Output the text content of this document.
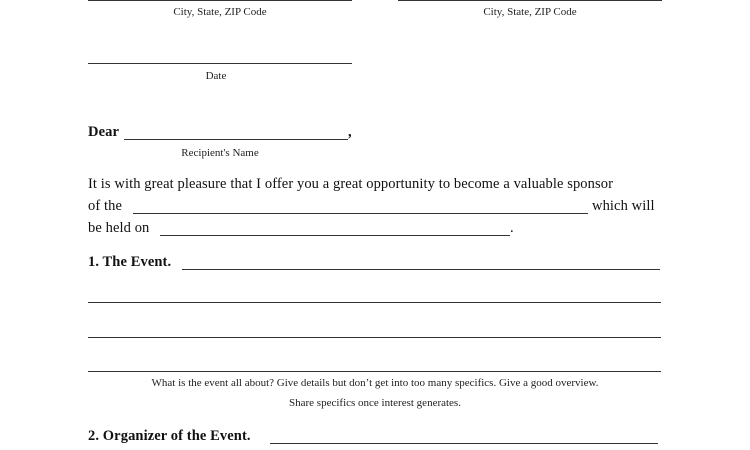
City, State, ZIP Code	City, State, ZIP Code
Date
Dear	,
Recipient's Name
It is with great pleasure that I offer you a great opportunity to become a valuable sponsor
of the	which will
be held on	.
1. The Event.
What is the event all about? Give details but don’t get into too many specifics. Give a good overview.
Share specifics once interest generates.
2. Organizer of the Event.
